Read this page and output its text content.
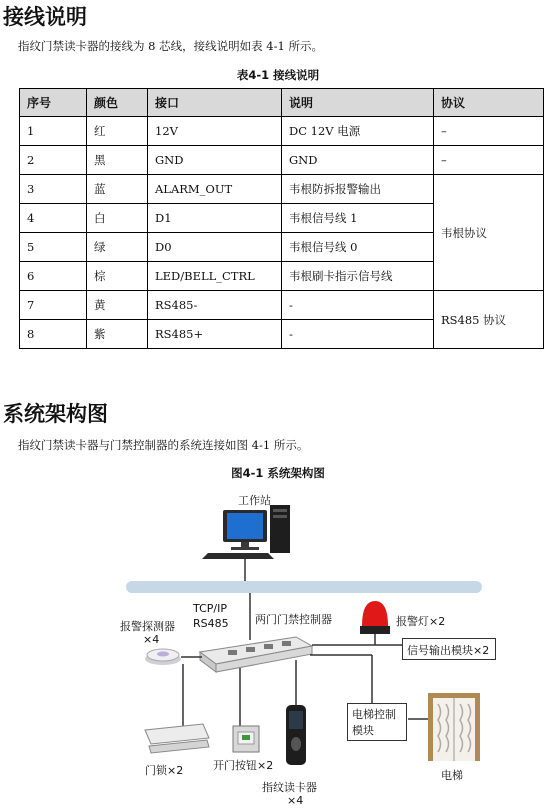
接线说明
指纹门禁读卡器的接线为 8 芯线，接线说明如表 4-1 所示。
表4-1 接线说明
序号	颜色	接口	说明	协议
1	红	12V	DC 12V 电源	–
2	黑	GND	GND	–
3	蓝	ALARM_OUT	韦根防拆报警输出	韦根协议
4	白	D1	韦根信号线 1	
5	绿	D0	韦根信号线 0	
6	棕	LED/BELL_CTRL	韦根刷卡指示信号线	
7	黄	RS485-	-	RS485 协议
8	紫	RS485+	-	
系统架构图
指纹门禁读卡器与门禁控制器的系统连接如图 4-1 所示。
图4-1 系统架构图
工作站
TCP/IP
RS485 两门门禁控制器	报警灯×2
信号输出模块×2
报警探测器
×4
电梯控制
模块
门锁×2	开门按钮×2
指纹读卡器
×4
电梯
